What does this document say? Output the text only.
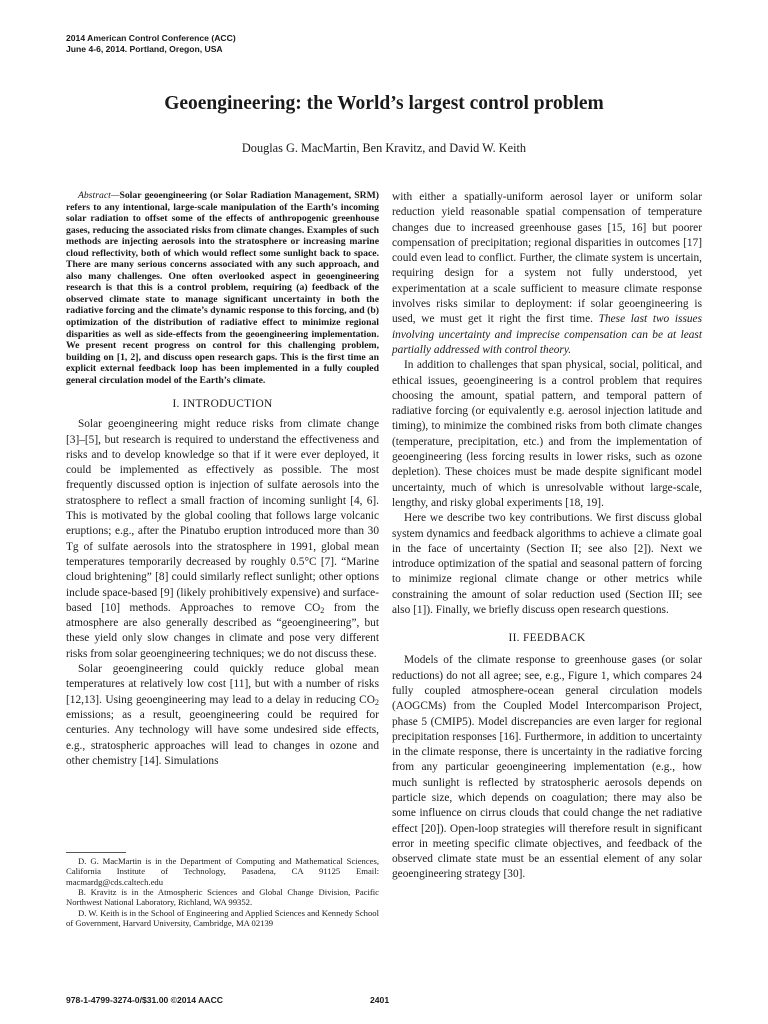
2014 American Control Conference (ACC)
June 4-6, 2014. Portland, Oregon, USA
Geoengineering: the World’s largest control problem
Douglas G. MacMartin, Ben Kravitz, and David W. Keith

Abstract—Solar geoengineering (or Solar Radiation Management, SRM) refers to any intentional, large-scale manipulation of the Earth’s incoming solar radiation to offset some of the effects of anthropogenic greenhouse gases, reducing the associated risks from climate changes. Examples of such methods are injecting aerosols into the stratosphere or increasing marine cloud reflectivity, both of which would reflect some sunlight back to space. There are many serious concerns associated with any such approach, and also many challenges. One often overlooked aspect in geoengineering research is that this is a control problem, requiring (a) feedback of the observed climate state to manage significant uncertainty in both the radiative forcing and the climate’s dynamic response to this forcing, and (b) optimization of the distribution of radiative effect to minimize regional disparities as well as side-effects from the geoengineering implementation. We present recent progress on control for this challenging problem, building on [1, 2], and discuss open research gaps. This is the first time an explicit external feedback loop has been implemented in a fully coupled general circulation model of the Earth’s climate.

I. INTRODUCTION

Solar geoengineering might reduce risks from climate change [3]–[5], but research is required to understand the effectiveness and risks and to develop knowledge so that if it were ever deployed, it could be implemented as effectively as possible. The most frequently discussed option is injection of sulfate aerosols into the stratosphere to reflect a small fraction of incoming sunlight [4, 6]. This is motivated by the global cooling that follows large volcanic eruptions; e.g., after the Pinatubo eruption introduced more than 30 Tg of sulfate aerosols into the stratosphere in 1991, global mean temperatures temporarily decreased by roughly 0.5°C [7]. “Marine cloud brightening” [8] could similarly reflect sunlight; other options include space-based [9] (likely prohibitively expensive) and surface-based [10] methods. Approaches to remove $CO_2$ from the atmosphere are also generally described as “geoengineering”, but these yield only slow changes in climate and pose very different risks from solar geoengineering techniques; we do not discuss these.

Solar geoengineering could quickly reduce global mean temperatures at relatively low cost [11], but with a number of risks [12,13]. Using geoengineering may lead to a delay in reducing $CO_2$ emissions; as a result, geoengineering could be required for centuries. Any technology will have some undesired side effects, e.g., stratospheric approaches will lead to changes in ozone and other chemistry [14]. Simulations

with either a spatially-uniform aerosol layer or uniform solar reduction yield reasonable spatial compensation of temperature changes due to increased greenhouse gases [15, 16] but poorer compensation of precipitation; regional disparities in outcomes [17] could even lead to conflict. Further, the climate system is uncertain, requiring design for a system not fully understood, yet experimentation at a scale sufficient to measure climate response involves risks similar to deployment: if solar geoengineering is used, we must get it right the first time. These last two issues involving uncertainty and imprecise compensation can be at least partially addressed with control theory.

In addition to challenges that span physical, social, political, and ethical issues, geoengineering is a control problem that requires choosing the amount, spatial pattern, and temporal pattern of radiative forcing (or equivalently e.g. aerosol injection latitude and timing), to minimize the combined risks from both climate changes (temperature, precipitation, etc.) and from the implementation of geoengineering (less forcing results in lower risks, such as ozone depletion). These choices must be made despite significant model uncertainty, much of which is unresolvable without large-scale, lengthy, and risky global experiments [18, 19].

Here we describe two key contributions. We first discuss global system dynamics and feedback algorithms to achieve a climate goal in the face of uncertainty (Section II; see also [2]). Next we introduce optimization of the spatial and seasonal pattern of forcing to minimize regional climate change or other metrics while constraining the amount of solar reduction used (Section III; see also [1]). Finally, we briefly discuss open research questions.

II. FEEDBACK

Models of the climate response to greenhouse gases (or solar reductions) do not all agree; see, e.g., Figure 1, which compares 24 fully coupled atmosphere-ocean general circulation models (AOGCMs) from the Coupled Model Intercomparison Project, phase 5 (CMIP5). Model discrepancies are even larger for regional precipitation responses [16]. Furthermore, in addition to uncertainty in the climate response, there is uncertainty in the radiative forcing from any particular geoengineering implementation (e.g., how much sunlight is reflected by stratospheric aerosols depends on particle size, which depends on coagulation; there may also be some influence on cirrus clouds that could change the net radiative effect [20]). Open-loop strategies will therefore result in significant error in meeting specific climate objectives, and feedback of the observed climate state must be an essential element of any solar geoengineering strategy [30].

D. G. MacMartin is in the Department of Computing and Mathematical Sciences, California Institute of Technology, Pasadena, CA 91125 Email: macmardg@cds.caltech.edu

B. Kravitz is in the Atmospheric Sciences and Global Change Division, Pacific Northwest National Laboratory, Richland, WA 99352.

D. W. Keith is in the School of Engineering and Applied Sciences and Kennedy School of Government, Harvard University, Cambridge, MA 02139

978-1-4799-3274-0/$31.00 ©2014 AACC	2401
